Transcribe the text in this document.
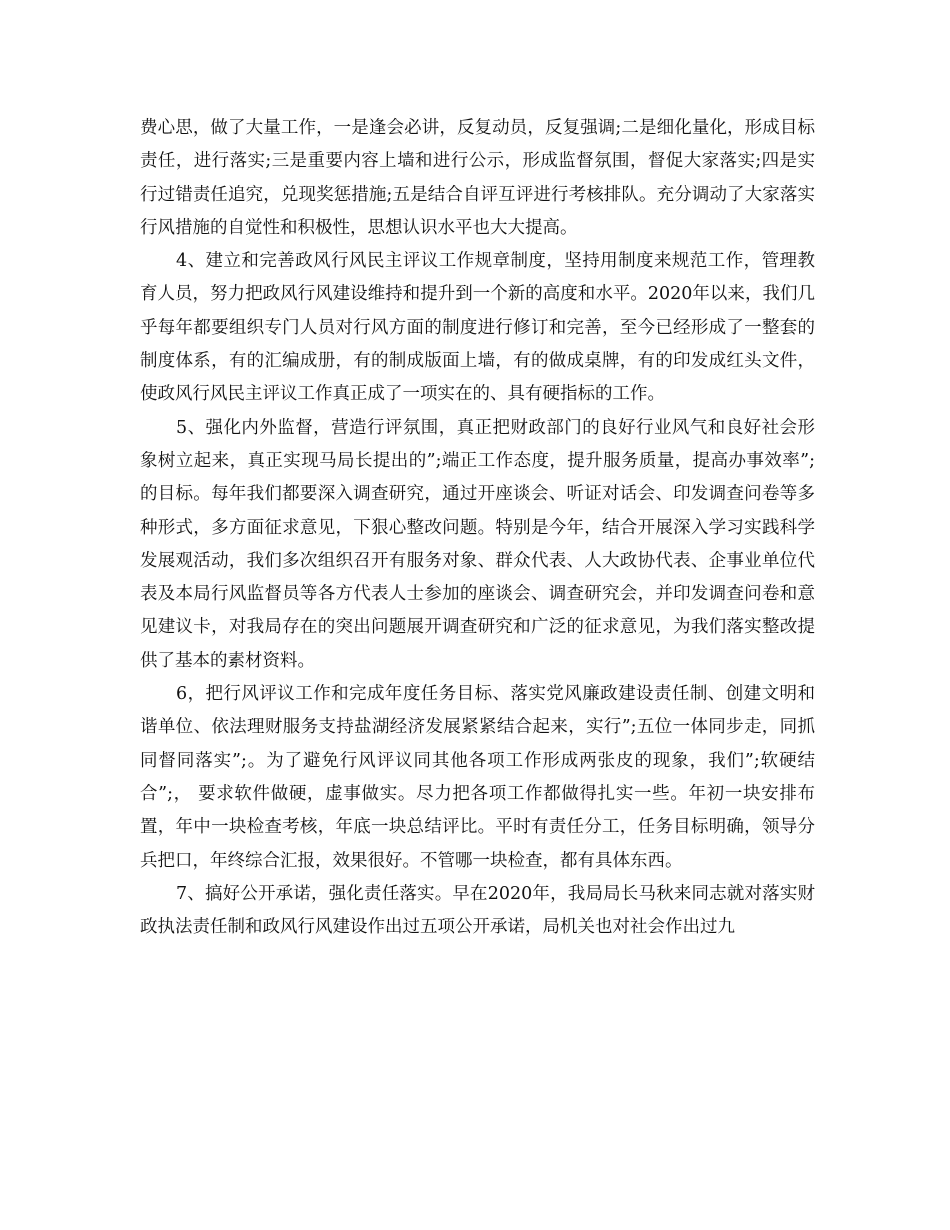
费心思，做了大量工作，一是逢会必讲，反复动员，反复强调;二是细化量化，形成目标责任，进行落实;三是重要内容上墙和进行公示，形成监督氛围，督促大家落实;四是实行过错责任追究，兑现奖惩措施;五是结合自评互评进行考核排队。充分调动了大家落实行风措施的自觉性和积极性，思想认识水平也大大提高。

4、建立和完善政风行风民主评议工作规章制度，坚持用制度来规范工作，管理教育人员，努力把政风行风建设维持和提升到一个新的高度和水平。2020年以来，我们几乎每年都要组织专门人员对行风方面的制度进行修订和完善，至今已经形成了一整套的制度体系，有的汇编成册，有的制成版面上墙，有的做成桌牌，有的印发成红头文件，使政风行风民主评议工作真正成了一项实在的、具有硬指标的工作。

5、强化内外监督，营造行评氛围，真正把财政部门的良好行业风气和良好社会形象树立起来，真正实现马局长提出的”;端正工作态度，提升服务质量，提高办事效率”;的目标。每年我们都要深入调查研究，通过开座谈会、听证对话会、印发调查问卷等多种形式，多方面征求意见，下狠心整改问题。特别是今年，结合开展深入学习实践科学发展观活动，我们多次组织召开有服务对象、群众代表、人大政协代表、企事业单位代表及本局行风监督员等各方代表人士参加的座谈会、调查研究会，并印发调查问卷和意见建议卡，对我局存在的突出问题展开调查研究和广泛的征求意见，为我们落实整改提供了基本的素材资料。

6，把行风评议工作和完成年度任务目标、落实党风廉政建设责任制、创建文明和谐单位、依法理财服务支持盐湖经济发展紧紧结合起来，实行”;五位一体同步走，同抓同督同落实”;。为了避免行风评议同其他各项工作形成两张皮的现象，我们”;软硬结合”;， 要求软件做硬，虚事做实。尽力把各项工作都做得扎实一些。年初一块安排布置，年中一块检查考核，年底一块总结评比。平时有责任分工，任务目标明确，领导分兵把口，年终综合汇报，效果很好。不管哪一块检查，都有具体东西。

7、搞好公开承诺，强化责任落实。早在2020年，我局局长马秋来同志就对落实财政执法责任制和政风行风建设作出过五项公开承诺，局机关也对社会作出过九
